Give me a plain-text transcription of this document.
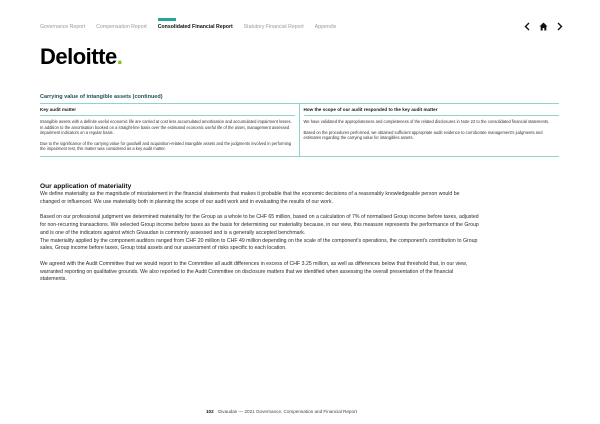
Governance Report Compensation Report Consolidated Financial Report Statutory Financial Report Appendix
Deloitte.
Carrying value of intangible assets (continued)
Key audit matter

Intangible assets with a definite useful economic life are carried at cost less accumulated amortisation and accumulated impairment losses. In addition to the amortisation booked on a straight-line basis over the estimated economic useful life of the asset, management assessed impairment indicators on a regular basis.

Due to the significance of the carrying value for goodwill and acquisition-related intangible assets and the judgments involved in performing the impairment test, this matter was considered as a key audit matter.

How the scope of our audit responded to the key audit matter

We have validated the appropriateness and completeness of the related disclosures in Note 22 to the consolidated financial statements.

Based on the procedures performed, we obtained sufficient appropriate audit evidence to corroborate management's judgments and estimates regarding the carrying value for intangibles assets.

Our application of materiality

We define materiality as the magnitude of misstatement in the financial statements that makes it probable that the economic decisions of a reasonably knowledgeable person would be changed or influenced. We use materiality both in planning the scope of our audit work and in evaluating the results of our work.

Based on our professional judgment we determined materiality for the Group as a whole to be CHF 65 million, based on a calculation of 7% of normalised Group income before taxes, adjusted for non-recurring transactions. We selected Group income before taxes as the basis for determining our materiality because, in our view, this measure represents the performance of the Group and is one of the indicators against which Givaudan is commonly assessed and is a generally accepted benchmark.

The materiality applied by the component auditors ranged from CHF 20 million to CHF 49 million depending on the scale of the component's operations, the component's contribution to Group sales, Group income before taxes, Group total assets and our assessment of risks specific to each location.

We agreed with the Audit Committee that we would report to the Committee all audit differences in excess of CHF 3.25 million, as well as differences below that threshold that, in our view, warranted reporting on qualitative grounds. We also reported to the Audit Committee on disclosure matters that we identified when assessing the overall presentation of the financial statements.

102 Givaudan — 2021 Governance, Compensation and Financial Report
